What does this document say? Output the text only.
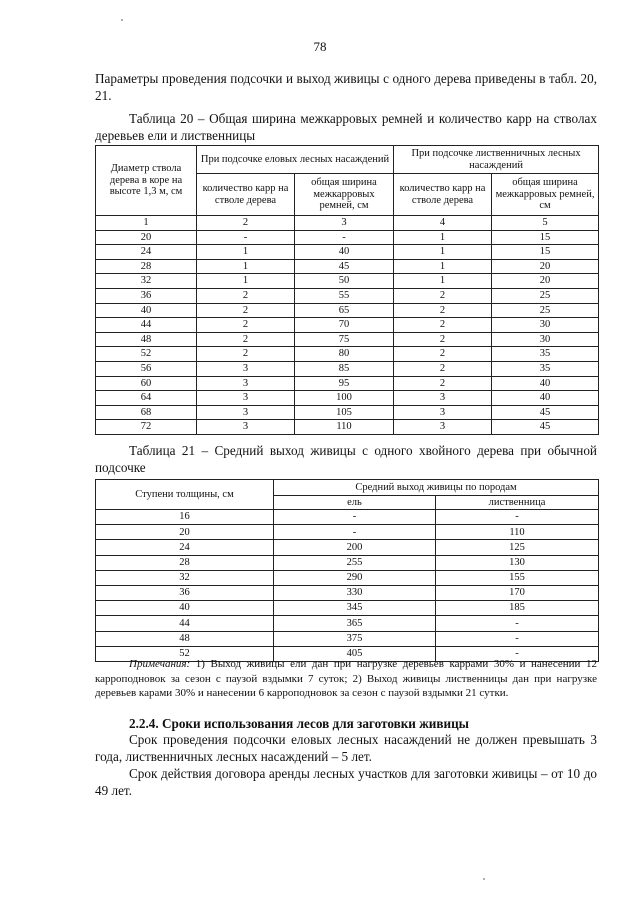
78
Параметры проведения подсочки и выход живицы с одного дерева приведены в табл. 20, 21.
Таблица 20 – Общая ширина межкарровых ремней и количество карр на стволах деревьев ели и лиственницы
Диаметр ствола дерева в коре на высоте 1,3 м, см	При подсочке еловых лесных насаждений		При подсочке лиственничных лесных насаждений	
	количество карр на стволе дерева	общая ширина межкарровых ремней, см	количество карр на стволе дерева	общая ширина межкарровых ремней, см
1	2	3	4	5
20	-	-	1	15
24	1	40	1	15
28	1	45	1	20
32	1	50	1	20
36	2	55	2	25
40	2	65	2	25
44	2	70	2	30
48	2	75	2	30
52	2	80	2	35
56	3	85	2	35
60	3	95	2	40
64	3	100	3	40
68	3	105	3	45
72	3	110	3	45
Таблица 21 – Средний выход живицы с одного хвойного дерева при обычной подсочке
Ступени толщины, см	Средний выход живицы по породам	
	ель	лиственница
16	-	-
20	-	110
24	200	125
28	255	130
32	290	155
36	330	170
40	345	185
44	365	-
48	375	-
52	405	-
Примечания: 1) Выход живицы ели дан при нагрузке деревьев каррами 30% и нанесении 12 карроподновок за сезон с паузой вздымки 7 суток; 2) Выход живицы лиственницы дан при нагрузке деревьев карами 30% и нанесении 6 карроподновок за сезон с паузой вздымки 21 сутки.
2.2.4. Сроки использования лесов для заготовки живицы
Срок проведения подсочки еловых лесных насаждений не должен превышать 3 года, лиственничных лесных насаждений – 5 лет.
Срок действия договора аренды лесных участков для заготовки живицы – от 10 до 49 лет.
